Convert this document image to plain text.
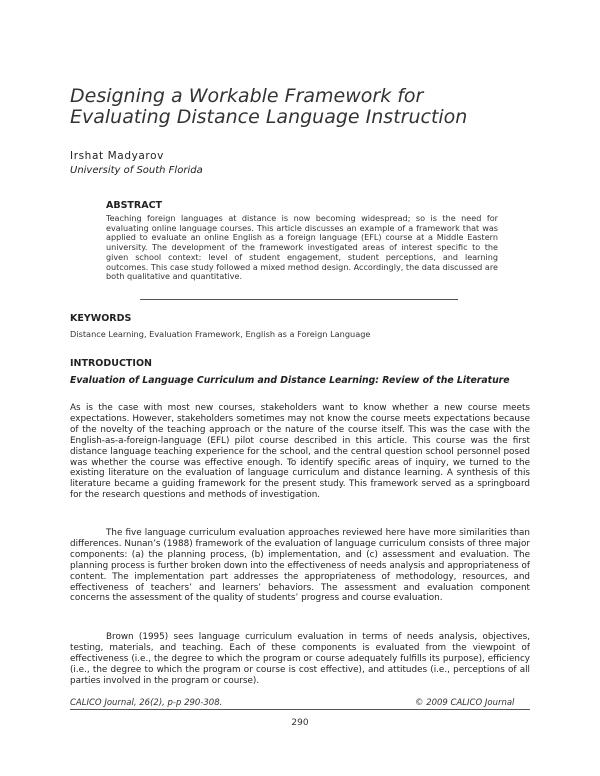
Designing a Workable Framework for
Evaluating Distance Language Instruction
Irshat Madyarov
University of South Florida
ABSTRACT

Teaching foreign languages at distance is now becoming widespread; so is the need for evaluating online language courses. This article discusses an example of a framework that was applied to evaluate an online English as a foreign language (EFL) course at a Middle Eastern university. The development of the framework investigated areas of interest specific to the given school context: level of student engagement, student perceptions, and learning outcomes. This case study followed a mixed method design. Accordingly, the data discussed are both qualitative and quantitative.

KEYWORDS
Distance Learning, Evaluation Framework, English as a Foreign Language
INTRODUCTION

Evaluation of Language Curriculum and Distance Learning: Review of the Literature

As is the case with most new courses, stakeholders want to know whether a new course meets expectations. However, stakeholders sometimes may not know the course meets expectations because of the novelty of the teaching approach or the nature of the course itself. This was the case with the English-as-a-foreign-language (EFL) pilot course described in this article. This course was the first distance language teaching experience for the school, and the central question school personnel posed was whether the course was effective enough. To identify specific areas of inquiry, we turned to the existing literature on the evaluation of language curriculum and distance learning. A synthesis of this literature became a guiding framework for the present study. This framework served as a springboard for the research questions and methods of investigation.

The five language curriculum evaluation approaches reviewed here have more similarities than differences. Nunan’s (1988) framework of the evaluation of language curriculum consists of three major components: (a) the planning process, (b) implementation, and (c) assessment and evaluation. The planning process is further broken down into the effectiveness of needs analysis and appropriateness of content. The implementation part addresses the appropriateness of methodology, resources, and effectiveness of teachers’ and learners’ behaviors. The assessment and evaluation component concerns the assessment of the quality of students’ progress and course evaluation.

Brown (1995) sees language curriculum evaluation in terms of needs analysis, objectives, testing, materials, and teaching. Each of these components is evaluated from the viewpoint of effectiveness (i.e., the degree to which the program or course adequately fulfills its purpose), efficiency (i.e., the degree to which the program or course is cost effective), and attitudes (i.e., perceptions of all parties involved in the program or course).

CALICO Journal, 26(2), p-p 290-308.	© 2009 CALICO Journal
290
